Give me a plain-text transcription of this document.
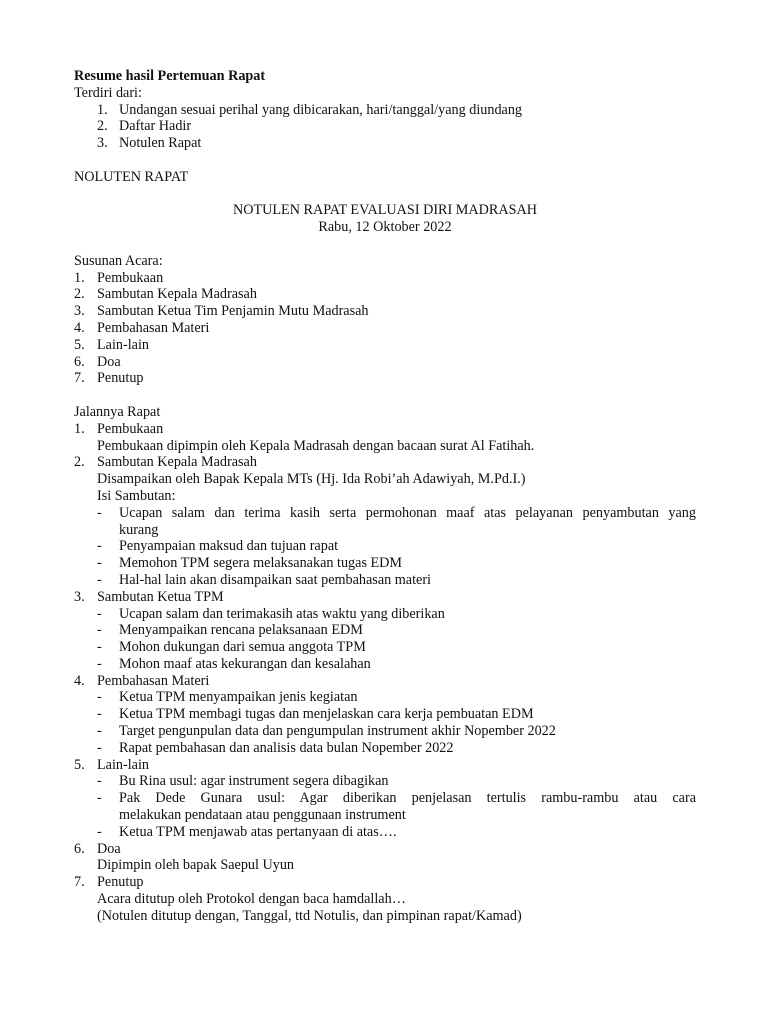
Resume hasil Pertemuan Rapat
Terdiri dari:
1. Undangan sesuai perihal yang dibicarakan, hari/tanggal/yang diundang
2. Daftar Hadir
3. Notulen Rapat
NOLUTEN RAPAT
NOTULEN RAPAT EVALUASI DIRI MADRASAH
Rabu, 12 Oktober 2022
Susunan Acara:
1. Pembukaan
2. Sambutan Kepala Madrasah
3. Sambutan Ketua Tim Penjamin Mutu Madrasah
4. Pembahasan Materi
5. Lain-lain
6. Doa
7. Penutup
Jalannya Rapat
1. Pembukaan
Pembukaan dipimpin oleh Kepala Madrasah dengan bacaan surat Al Fatihah.
2. Sambutan Kepala Madrasah
Disampaikan oleh Bapak Kepala MTs (Hj. Ida Robi’ah Adawiyah, M.Pd.I.)
Isi Sambutan:
-	Ucapan salam dan terima kasih serta permohonan maaf atas pelayanan penyambutan yang
kurang
-	Penyampaian maksud dan tujuan rapat
-	Memohon TPM segera melaksanakan tugas EDM
-	Hal-hal lain akan disampaikan saat pembahasan materi
3. Sambutan Ketua TPM
-	Ucapan salam dan terimakasih atas waktu yang diberikan
-	Menyampaikan rencana pelaksanaan EDM
-	Mohon dukungan dari semua anggota TPM
-	Mohon maaf atas kekurangan dan kesalahan
4. Pembahasan Materi
-	Ketua TPM menyampaikan jenis kegiatan
-	Ketua TPM membagi tugas dan menjelaskan cara kerja pembuatan EDM
-	Target pengunpulan data dan pengumpulan instrument akhir Nopember 2022
-	Rapat pembahasan dan analisis data bulan Nopember 2022
5. Lain-lain
-	Bu Rina usul: agar instrument segera dibagikan
-	Pak Dede Gunara usul: Agar diberikan penjelasan tertulis rambu-rambu atau cara
melakukan pendataan atau penggunaan instrument
-	Ketua TPM menjawab atas pertanyaan di atas….
6. Doa
Dipimpin oleh bapak Saepul Uyun
7. Penutup
Acara ditutup oleh Protokol dengan baca hamdallah…
(Notulen ditutup dengan, Tanggal, ttd Notulis, dan pimpinan rapat/Kamad)
